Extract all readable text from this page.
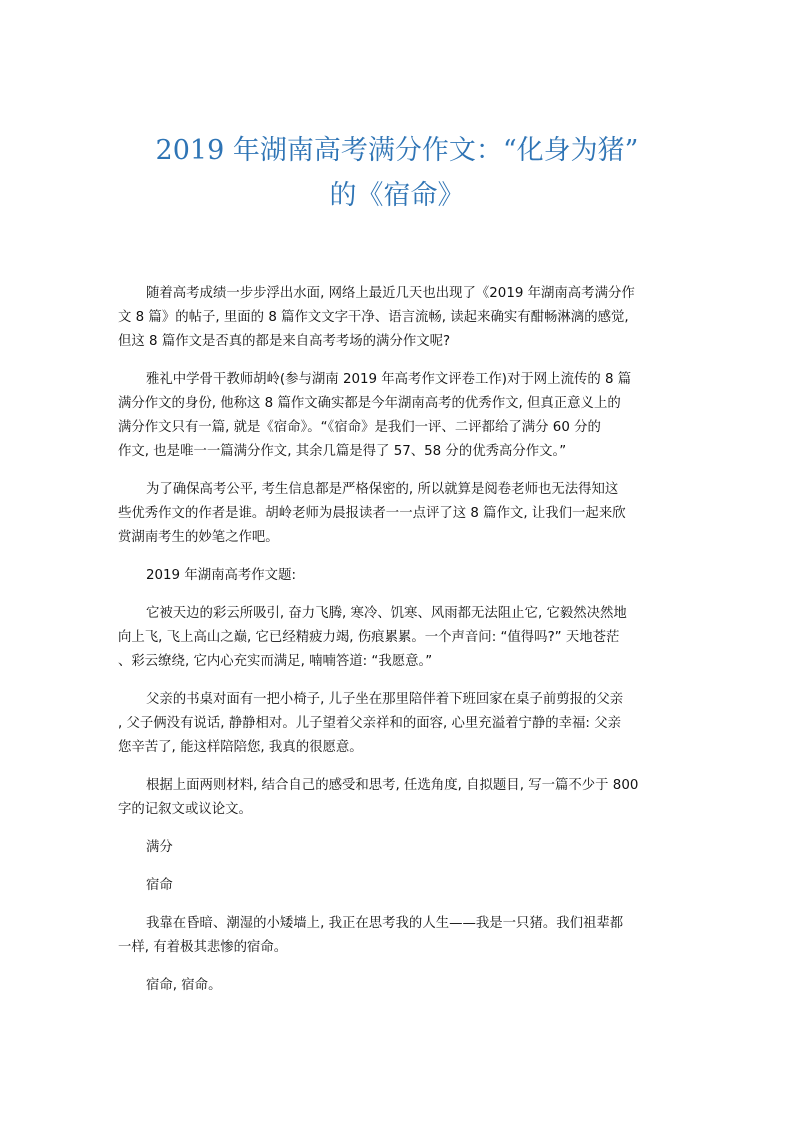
2019 年湖南高考满分作文：“化身为猪”
的《宿命》

随着高考成绩一步步浮出水面, 网络上最近几天也出现了《2019 年湖南高考满分作
文 8 篇》的帖子, 里面的 8 篇作文文字干净、语言流畅, 读起来确实有酣畅淋漓的感觉,
但这 8 篇作文是否真的都是来自高考考场的满分作文呢?

雅礼中学骨干教师胡岭(参与湖南 2019 年高考作文评卷工作)对于网上流传的 8 篇
满分作文的身份, 他称这 8 篇作文确实都是今年湖南高考的优秀作文, 但真正意义上的
满分作文只有一篇, 就是《宿命》。“《宿命》是我们一评、二评都给了满分 60 分的
作文, 也是唯一一篇满分作文, 其余几篇是得了 57、58 分的优秀高分作文。”

为了确保高考公平, 考生信息都是严格保密的, 所以就算是阅卷老师也无法得知这
些优秀作文的作者是谁。胡岭老师为晨报读者一一点评了这 8 篇作文, 让我们一起来欣
赏湖南考生的妙笔之作吧。

2019 年湖南高考作文题:

它被天边的彩云所吸引, 奋力飞腾, 寒冷、饥寒、风雨都无法阻止它, 它毅然决然地
向上飞, 飞上高山之巅, 它已经精疲力竭, 伤痕累累。一个声音问: “值得吗?” 天地苍茫
、彩云缭绕, 它内心充实而满足, 喃喃答道: “我愿意。”

父亲的书桌对面有一把小椅子, 儿子坐在那里陪伴着下班回家在桌子前剪报的父亲
, 父子俩没有说话, 静静相对。儿子望着父亲祥和的面容, 心里充溢着宁静的幸福: 父亲
您辛苦了, 能这样陪陪您, 我真的很愿意。

根据上面两则材料, 结合自己的感受和思考, 任选角度, 自拟题目, 写一篇不少于 800
字的记叙文或议论文。

满分

宿命

我靠在昏暗、潮湿的小矮墙上, 我正在思考我的人生——我是一只猪。我们祖辈都
一样, 有着极其悲惨的宿命。

宿命, 宿命。
